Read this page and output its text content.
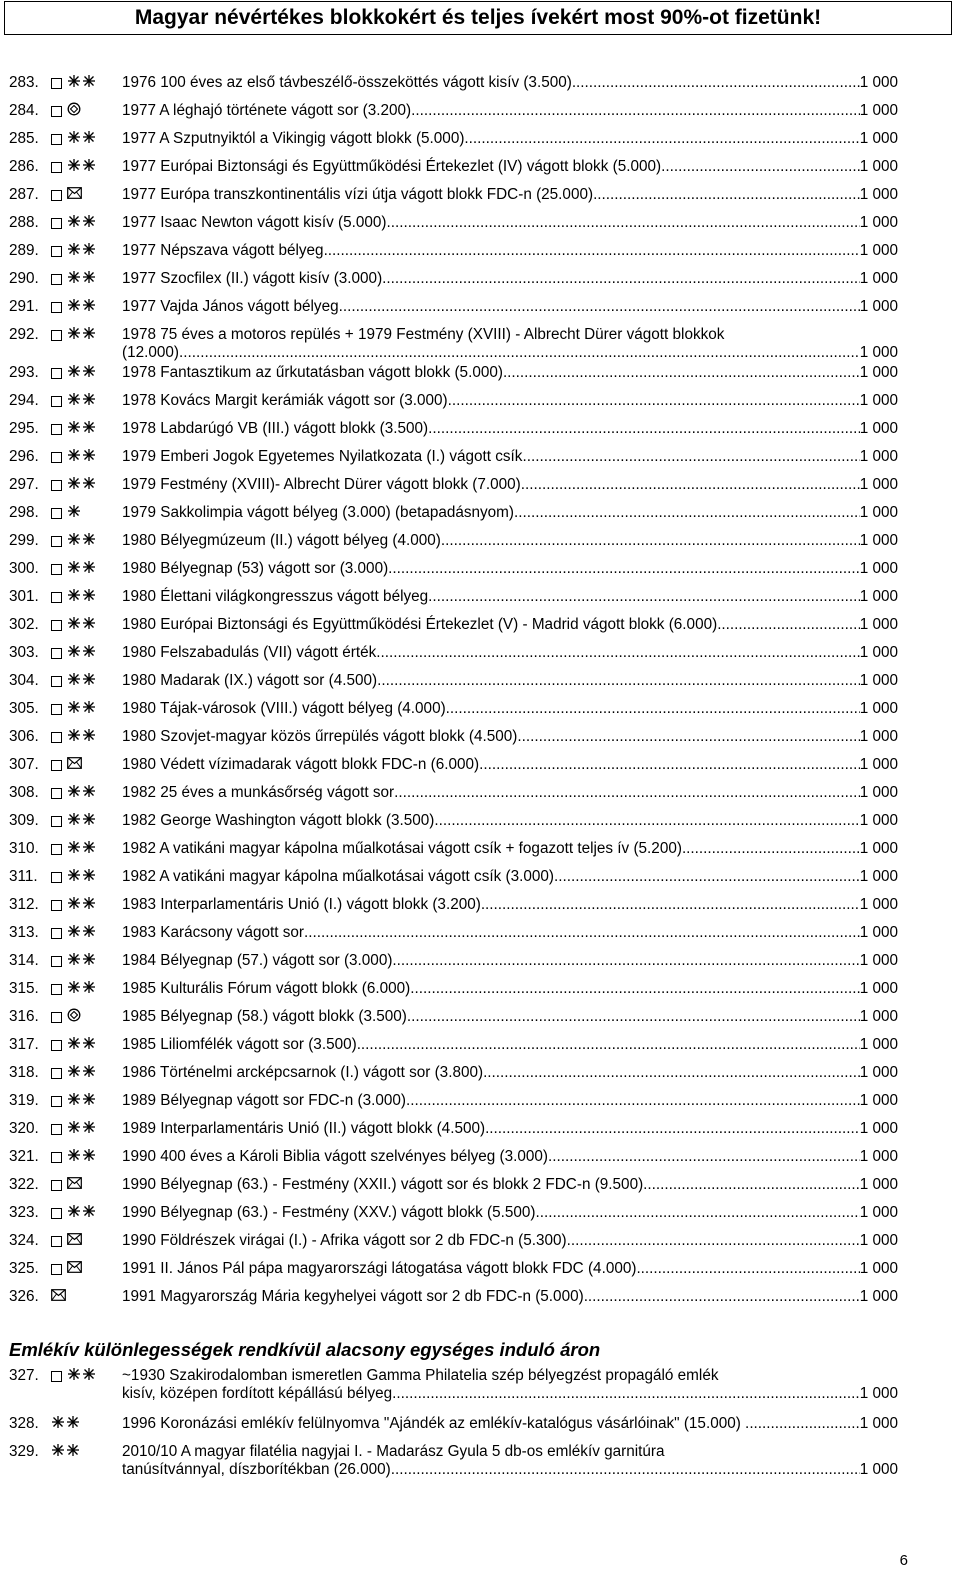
Magyar névértékes blokkokért és teljes ívekért most 90%-ot fizetünk!
283.	1976 100 éves az első távbeszélő-összeköttés vágott kisív (3.500) .....	1 000
284.	1977 A léghajó története vágott sor (3.200) .....	1 000
285.	1977 A Szputnyiktól a Vikingig vágott blokk (5.000) .....	1 000
286.	1977 Európai Biztonsági és Együttműködési Értekezlet (IV) vágott blokk (5.000) .....	1 000
287.	1977 Európa transzkontinentális vízi útja vágott blokk FDC-n (25.000) .....	1 000
288.	1977 Isaac Newton vágott kisív (5.000) .....	1 000
289.	1977 Népszava vágott bélyeg .....	1 000
290.	1977 Szocfilex (II.) vágott kisív (3.000) .....	1 000
291.	1977 Vajda János vágott bélyeg .....	1 000
292.	1978 75 éves a motoros repülés + 1979 Festmény (XVIII) - Albrecht Dürer vágott blokkok
(12.000) .....	1 000
293.	1978 Fantasztikum az űrkutatásban vágott blokk (5.000) .....	1 000
294.	1978 Kovács Margit kerámiák vágott sor (3.000) .....	1 000
295.	1978 Labdarúgó VB (III.) vágott blokk (3.500) .....	1 000
296.	1979 Emberi Jogok Egyetemes Nyilatkozata (I.) vágott csík .....	1 000
297.	1979 Festmény (XVIII)- Albrecht Dürer vágott blokk (7.000) .....	1 000
298.	1979 Sakkolimpia vágott bélyeg (3.000) (betapadásnyom) .....	1 000
299.	1980 Bélyegmúzeum (II.) vágott bélyeg (4.000) .....	1 000
300.	1980 Bélyegnap (53) vágott sor (3.000) .....	1 000
301.	1980 Élettani világkongresszus vágott bélyeg .....	1 000
302.	1980 Európai Biztonsági és Együttműködési Értekezlet (V) - Madrid vágott blokk (6.000) .....	1 000
303.	1980 Felszabadulás (VII) vágott érték .....	1 000
304.	1980 Madarak (IX.) vágott sor (4.500) .....	1 000
305.	1980 Tájak-városok (VIII.) vágott bélyeg (4.000) .....	1 000
306.	1980 Szovjet-magyar közös űrrepülés vágott blokk (4.500) .....	1 000
307.	1980 Védett vízimadarak vágott blokk FDC-n (6.000) .....	1 000
308.	1982 25 éves a munkásőrség vágott sor .....	1 000
309.	1982 George Washington vágott blokk (3.500) .....	1 000
310.	1982 A vatikáni magyar kápolna műalkotásai vágott csík + fogazott teljes ív (5.200) .....	1 000
311.	1982 A vatikáni magyar kápolna műalkotásai vágott csík (3.000) .....	1 000
312.	1983 Interparlamentáris Unió (I.) vágott blokk (3.200) .....	1 000
313.	1983 Karácsony vágott sor .....	1 000
314.	1984 Bélyegnap (57.) vágott sor (3.000) .....	1 000
315.	1985 Kulturális Fórum vágott blokk (6.000) .....	1 000
316.	1985 Bélyegnap (58.) vágott blokk (3.500) .....	1 000
317.	1985 Liliomfélék vágott sor (3.500) .....	1 000
318.	1986 Történelmi arcképcsarnok (I.) vágott sor (3.800) .....	1 000
319.	1989 Bélyegnap vágott sor FDC-n (3.000) .....	1 000
320.	1989 Interparlamentáris Unió (II.) vágott blokk (4.500) .....	1 000
321.	1990 400 éves a Károli Biblia vágott szelvényes bélyeg (3.000) .....	1 000
322.	1990 Bélyegnap (63.) - Festmény (XXII.) vágott sor és blokk 2 FDC-n (9.500) .....	1 000
323.	1990 Bélyegnap (63.) - Festmény (XXV.) vágott blokk (5.500) .....	1 000
324.	1990 Földrészek virágai (I.) - Afrika vágott sor 2 db FDC-n (5.300) .....	1 000
325.	1991 II. János Pál pápa magyarországi látogatása vágott blokk FDC (4.000) .....	1 000
326.	1991 Magyarország Mária kegyhelyei vágott sor 2 db FDC-n (5.000) .....	1 000
Emlékív különlegességek rendkívül alacsony egységes induló áron
327.	~1930 Szakirodalomban ismeretlen Gamma Philatelia szép bélyegzést propagáló emlék
kisív, középen fordított képállású bélyeg .....	1 000
328.	1996 Koronázási emlékív felülnyomva "Ajándék az emlékív-katalógus vásárlóinak" (15.000) . .....	1 000
329.	2010/10 A magyar filatélia nagyjai I. - Madarász Gyula 5 db-os emlékív garnitúra
tanúsítvánnyal, díszborítékban (26.000) .....	1 000
6
